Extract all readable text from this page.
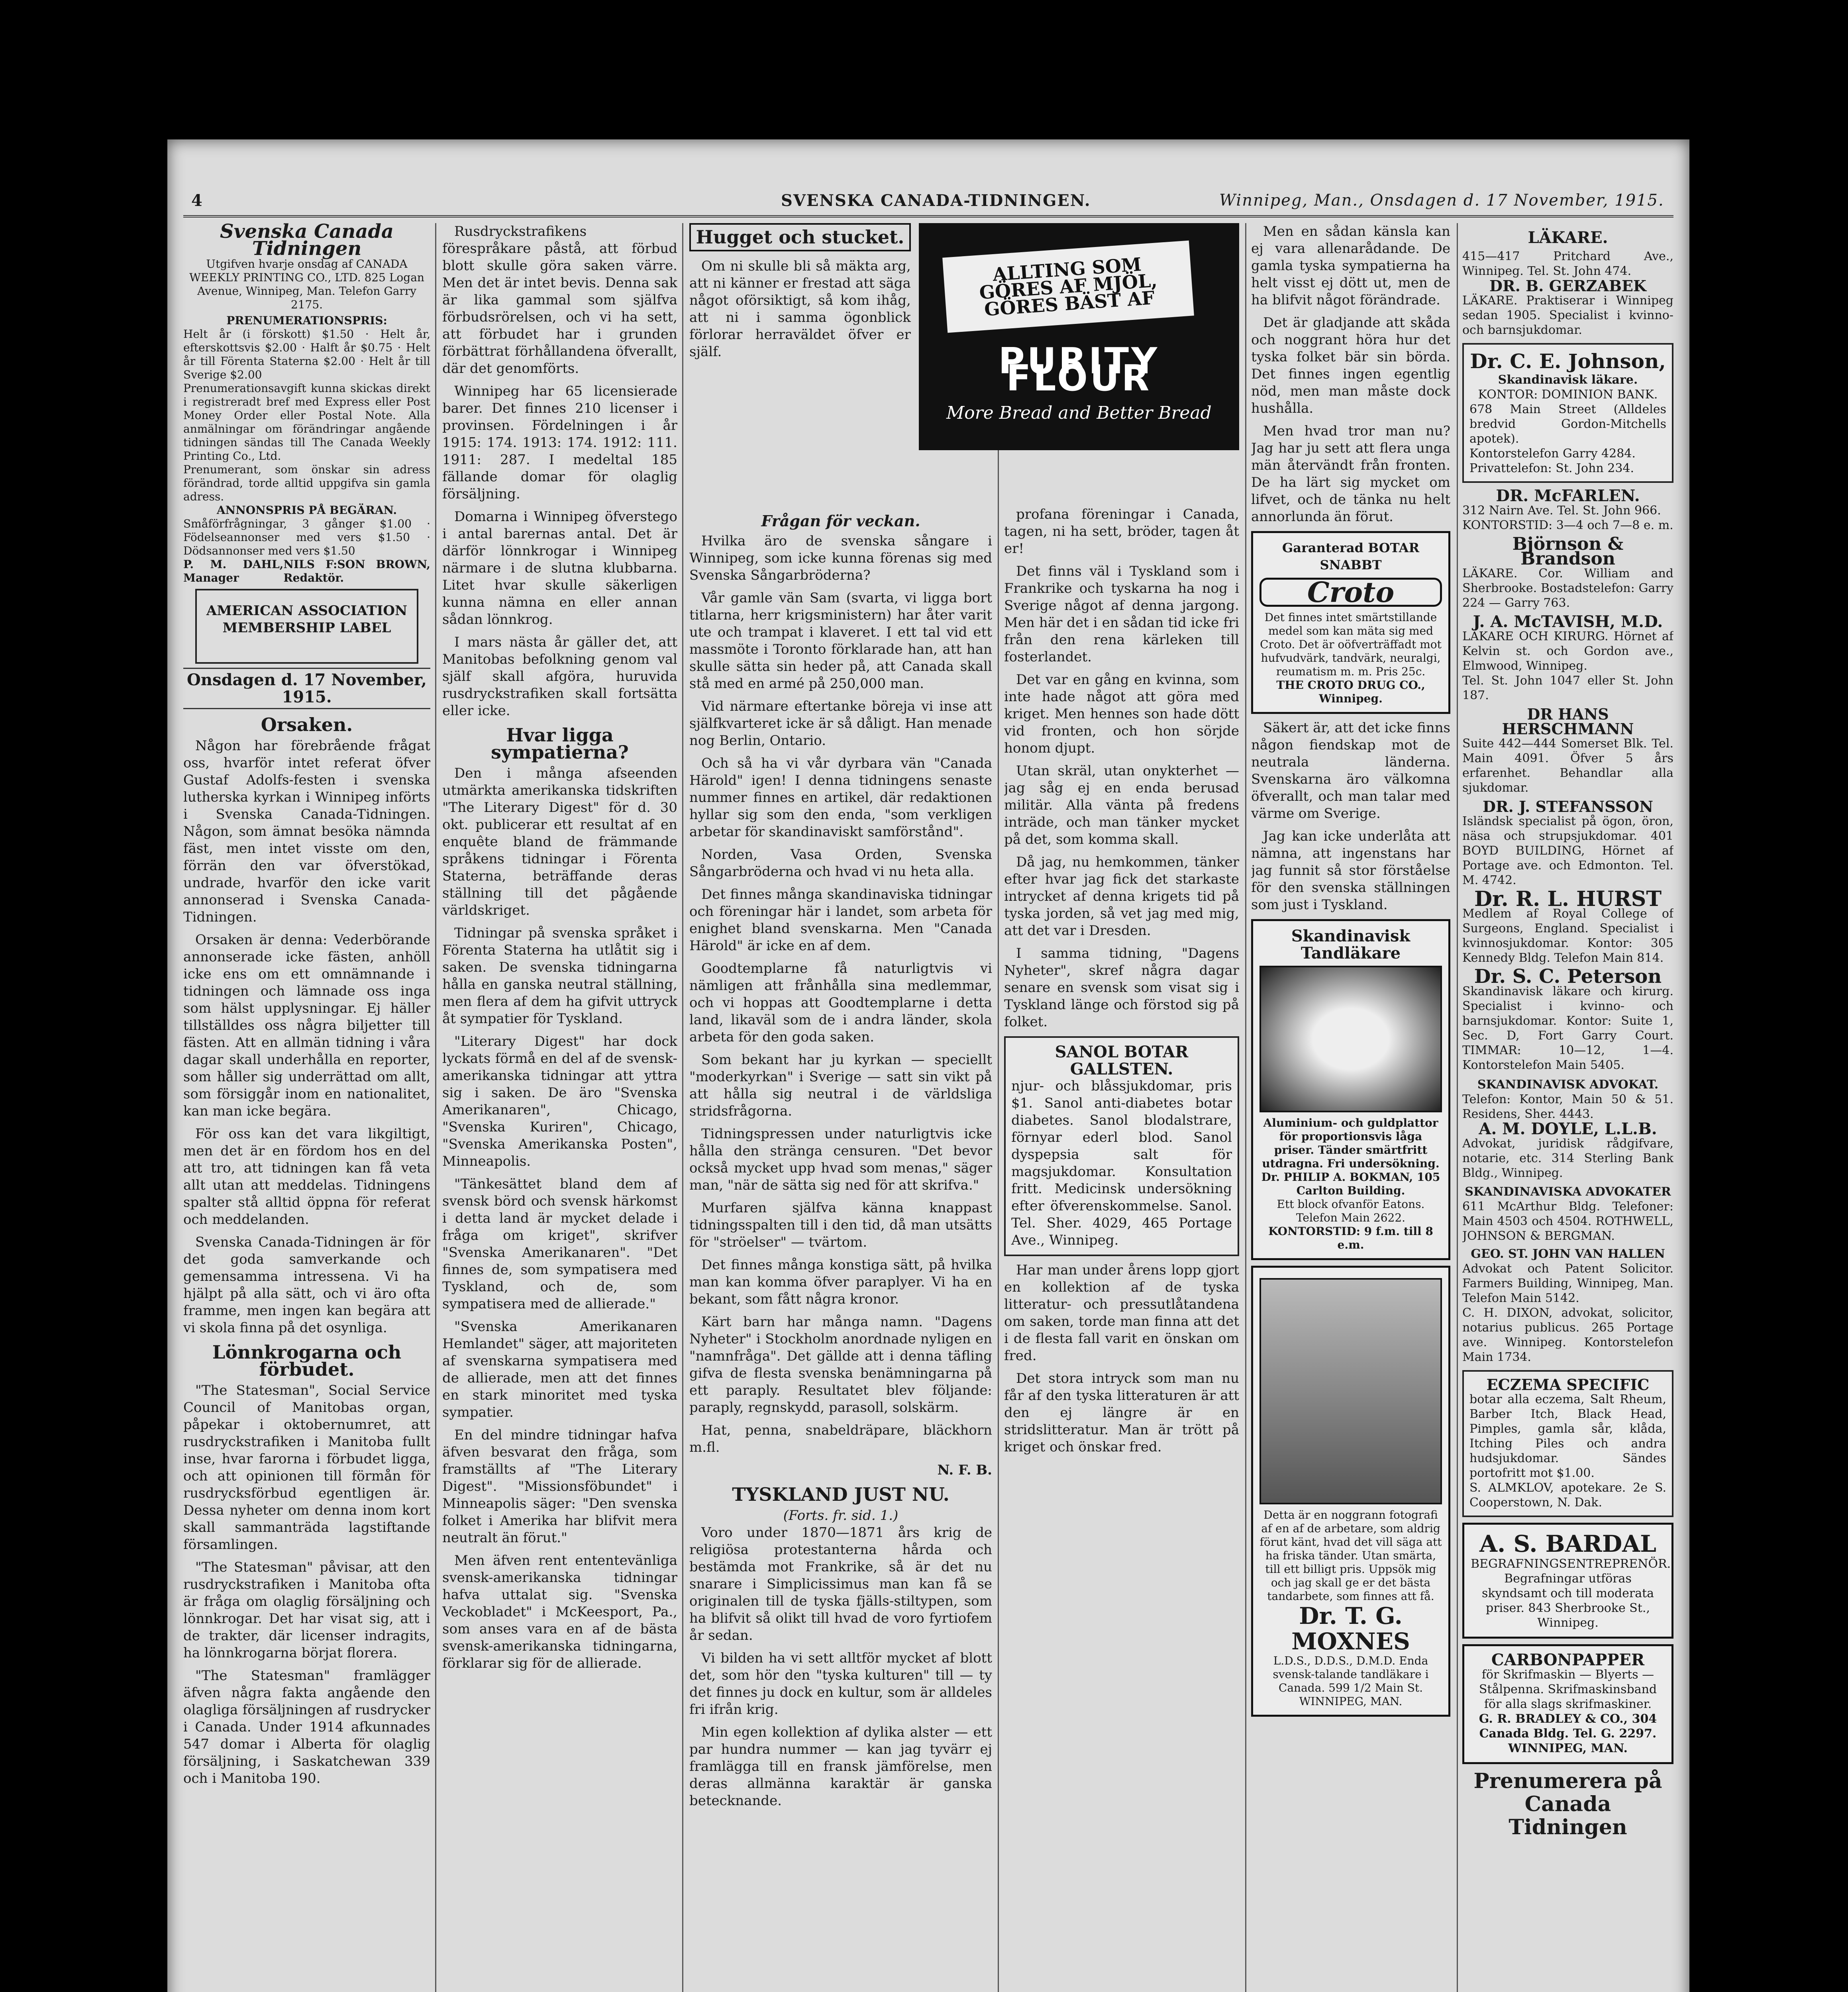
4	SVENSKA CANADA-TIDNINGEN.	Winnipeg, Man., Onsdagen d. 17 November, 1915.
Svenska Canada Tidningen
Utgifven hvarje onsdag af CANADA WEEKLY PRINTING CO., LTD. 825 Logan Avenue, Winnipeg, Man. Telefon Garry 2175.
PRENUMERATIONSPRIS:
Helt år (i förskott) $1.50 · Helt år, efterskottsvis $2.00 · Halft år $0.75 · Helt år till Förenta Staterna $2.00 · Helt år till Sverige $2.00
Prenumerationsavgift kunna skickas direkt i registreradt bref med Express eller Post Money Order eller Postal Note. Alla anmälningar om förändringar angående tidningen sändas till The Canada Weekly Printing Co., Ltd.
Prenumerant, som önskar sin adress förändrad, torde alltid uppgifva sin gamla adress.
ANNONSPRIS PÅ BEGÄRAN.
Småförfrågningar, 3 gånger $1.00 · Födelseannonser med vers $1.50 · Dödsannonser med vers $1.50
P. M. DAHL, Manager
NILS F:SON BROWN, Redaktör.
AMERICAN ASSOCIATION MEMBERSHIP LABEL
Onsdagen d. 17 November, 1915.
Orsaken.

Någon har förebrående frågat oss, hvarför intet referat öfver Gustaf Adolfs-festen i svenska lutherska kyrkan i Winnipeg införts i Svenska Canada-Tidningen. Någon, som ämnat besöka nämnda fäst, men intet visste om den, förrän den var öfverstökad, undrade, hvarför den icke varit annonserad i Svenska Canada-Tidningen.

Orsaken är denna: Vederbörande annonserade icke fästen, anhöll icke ens om ett omnämnande i tidningen och lämnade oss inga som hälst upplysningar. Ej häller tillställdes oss några biljetter till fästen. Att en allmän tidning i våra dagar skall underhålla en reporter, som håller sig underrättad om allt, som försiggår inom en nationalitet, kan man icke begära.

För oss kan det vara likgiltigt, men det är en fördom hos en del att tro, att tidningen kan få veta allt utan att meddelas. Tidningens spalter stå alltid öppna för referat och meddelanden.

Svenska Canada-Tidningen är för det goda samverkande och gemensamma intressena. Vi ha hjälpt på alla sätt, och vi äro ofta framme, men ingen kan begära att vi skola finna på det osynliga.

Lönnkrogarna och förbudet.

"The Statesman", Social Service Council of Manitobas organ, påpekar i oktobernumret, att rusdryckstrafiken i Manitoba fullt inse, hvar farorna i förbudet ligga, och att opinionen till förmån för rusdrycksförbud egentligen är. Dessa nyheter om denna inom kort skall sammanträda lagstiftande församlingen.

"The Statesman" påvisar, att den rusdryckstrafiken i Manitoba ofta är fråga om olaglig försäljning och lönnkrogar. Det har visat sig, att i de trakter, där licenser indragits, ha lönnkrogarna börjat florera.

"The Statesman" framlägger äfven några fakta angående den olagliga försäljningen af rusdrycker i Canada. Under 1914 afkunnades 547 domar i Alberta för olaglig försäljning, i Saskatchewan 339 och i Manitoba 190.

Rusdryckstrafikens förespråkare påstå, att förbud blott skulle göra saken värre. Men det är intet bevis. Denna sak är lika gammal som själfva förbudsrörelsen, och vi ha sett, att förbudet har i grunden förbättrat förhållandena öfverallt, där det genomförts.

Winnipeg har 65 licensierade barer. Det finnes 210 licenser i provinsen. Fördelningen i år 1915: 174. 1913: 174. 1912: 111. 1911: 287. I medeltal 185 fällande domar för olaglig försäljning.

Domarna i Winnipeg öfverstego i antal barernas antal. Det är därför lönnkrogar i Winnipeg närmare i de slutna klubbarna. Litet hvar skulle säkerligen kunna nämna en eller annan sådan lönnkrog.

I mars nästa år gäller det, att Manitobas befolkning genom val själf skall afgöra, huruvida rusdryckstrafiken skall fortsätta eller icke.

Hvar ligga sympatierna?

Den i många afseenden utmärkta amerikanska tidskriften "The Literary Digest" för d. 30 okt. publicerar ett resultat af en enquête bland de främmande språkens tidningar i Förenta Staterna, beträffande deras ställning till det pågående världskriget.

Tidningar på svenska språket i Förenta Staterna ha utlåtit sig i saken. De svenska tidningarna hålla en ganska neutral ställning, men flera af dem ha gifvit uttryck åt sympatier för Tyskland.

"Literary Digest" har dock lyckats förmå en del af de svensk-amerikanska tidningar att yttra sig i saken. De äro "Svenska Amerikanaren", Chicago, "Svenska Kuriren", Chicago, "Svenska Amerikanska Posten", Minneapolis.

"Tänkesättet bland dem af svensk börd och svensk härkomst i detta land är mycket delade i fråga om kriget", skrifver "Svenska Amerikanaren". "Det finnes de, som sympatisera med Tyskland, och de, som sympatisera med de allierade."

"Svenska Amerikanaren Hemlandet" säger, att majoriteten af svenskarna sympatisera med de allierade, men att det finnes en stark minoritet med tyska sympatier.

En del mindre tidningar hafva äfven besvarat den fråga, som framställts af "The Literary Digest". "Missionsföbundet" i Minneapolis säger: "Den svenska folket i Amerika har blifvit mera neutralt än förut."

Men äfven rent ententevänliga svensk-amerikanska tidningar hafva uttalat sig. "Svenska Veckobladet" i McKeesport, Pa., som anses vara en af de bästa svensk-amerikanska tidningarna, förklarar sig för de allierade.

Hugget och stucket.

Om ni skulle bli så mäkta arg, att ni känner er frestad att säga något oförsiktigt, så kom ihåg, att ni i samma ögonblick förlorar herraväldet öfver er själf.

ALLTING SOM GÖRES AF MJÖL, GÖRES BÄST AF
PURITY FLOUR
More Bread and Better Bread
Frågan för veckan.

Hvilka äro de svenska sångare i Winnipeg, som icke kunna förenas sig med Svenska Sångarbröderna?

Vår gamle vän Sam (svarta, vi ligga bort titlarna, herr krigsministern) har åter varit ute och trampat i klaveret. I ett tal vid ett massmöte i Toronto förklarade han, att han skulle sätta sin heder på, att Canada skall stå med en armé på 250,000 man.

Vid närmare eftertanke böreja vi inse att själfkvarteret icke är så dåligt. Han menade nog Berlin, Ontario.

Och så ha vi vår dyrbara vän "Canada Härold" igen! I denna tidningens senaste nummer finnes en artikel, där redaktionen hyllar sig som den enda, "som verkligen arbetar för skandinaviskt samförstånd".

Norden, Vasa Orden, Svenska Sångarbröderna och hvad vi nu heta alla.

Det finnes många skandinaviska tidningar och föreningar här i landet, som arbeta för enighet bland svenskarna. Men "Canada Härold" är icke en af dem.

Goodtemplarne få naturligtvis vi nämligen att frånhålla sina medlemmar, och vi hoppas att Goodtemplarne i detta land, likaväl som de i andra länder, skola arbeta för den goda saken.

Som bekant har ju kyrkan — speciellt "moderkyrkan" i Sverige — satt sin vikt på att hålla sig neutral i de världsliga stridsfrågorna.

Tidningspressen under naturligtvis icke hålla den stränga censuren. "Det bevor också mycket upp hvad som menas," säger man, "när de sätta sig ned för att skrifva."

Murfaren själfva känna knappast tidningsspalten till i den tid, då man utsätts för "ströelser" — tvärtom.

Det finnes många konstiga sätt, på hvilka man kan komma öfver paraplyer. Vi ha en bekant, som fått några kronor.

Kärt barn har många namn. "Dagens Nyheter" i Stockholm anordnade nyligen en "namnfråga". Det gällde att i denna täfling gifva de flesta svenska benämningarna på ett paraply. Resultatet blev följande: paraply, regnskydd, parasoll, solskärm.

Hat, penna, snabeldräpare, bläckhorn m.fl.

N. F. B.
TYSKLAND JUST NU.
(Forts. fr. sid. 1.)

Voro under 1870—1871 års krig de religiösa protestanterna hårda och bestämda mot Frankrike, så är det nu snarare i Simplicissimus man kan få se originalen till de tyska fjälls-stiltypen, som ha blifvit så olikt till hvad de voro fyrtiofem år sedan.

Vi bilden ha vi sett alltför mycket af blott det, som hör den "tyska kulturen" till — ty det finnes ju dock en kultur, som är alldeles fri ifrån krig.

Min egen kollektion af dylika alster — ett par hundra nummer — kan jag tyvärr ej framlägga till en fransk jämförelse, men deras allmänna karaktär är ganska betecknande.

profana föreningar i Canada, tagen, ni ha sett, bröder, tagen åt er!

Det finns väl i Tyskland som i Frankrike och tyskarna ha nog i Sverige något af denna jargong. Men här det i en sådan tid icke fri från den rena kärleken till fosterlandet.

Det var en gång en kvinna, som inte hade något att göra med kriget. Men hennes son hade dött vid fronten, och hon sörjde honom djupt.

Utan skräl, utan onykterhet — jag såg ej en enda berusad militär. Alla vänta på fredens inträde, och man tänker mycket på det, som komma skall.

Då jag, nu hemkommen, tänker efter hvar jag fick det starkaste intrycket af denna krigets tid på tyska jorden, så vet jag med mig, att det var i Dresden.

I samma tidning, "Dagens Nyheter", skref några dagar senare en svensk som visat sig i Tyskland länge och förstod sig på folket.

SANOL BOTAR GALLSTEN.
njur- och blåssjukdomar, pris $1. Sanol anti-diabetes botar diabetes. Sanol blodalstrare, förnyar ederl blod. Sanol dyspepsia salt för magsjukdomar. Konsultation fritt. Medicinsk undersökning efter öfverenskommelse. Sanol. Tel. Sher. 4029, 465 Portage Ave., Winnipeg.

Har man under årens lopp gjort en kollektion af de tyska litteratur- och pressutlåtandena om saken, torde man finna att det i de flesta fall varit en önskan om fred.

Det stora intryck som man nu får af den tyska litteraturen är att den ej längre är en stridslitteratur. Man är trött på kriget och önskar fred.

Men en sådan känsla kan ej vara allenarådande. De gamla tyska sympatierna ha helt visst ej dött ut, men de ha blifvit något förändrade.

Det är gladjande att skåda och noggrant höra hur det tyska folket bär sin börda. Det finnes ingen egentlig nöd, men man måste dock hushålla.

Men hvad tror man nu? Jag har ju sett att flera unga män återvändt från fronten. De ha lärt sig mycket om lifvet, och de tänka nu helt annorlunda än förut.

Garanterad BOTAR SNABBT
Croto
Det finnes intet smärtstillande medel som kan mäta sig med Croto. Det är oöfverträffadt mot hufvudvärk, tandvärk, neuralgi, reumatism m. m. Pris 25c.
THE CROTO DRUG CO., Winnipeg.

Säkert är, att det icke finns någon fiendskap mot de neutrala länderna. Svenskarna äro välkomna öfverallt, och man talar med värme om Sverige.

Jag kan icke underlåta att nämna, att ingenstans har jag funnit så stor förståelse för den svenska ställningen som just i Tyskland.

Skandinavisk Tandläkare
Aluminium- och guldplattor för proportionsvis låga priser. Tänder smärtfritt utdragna. Fri undersökning.
Dr. PHILIP A. BOKMAN, 105 Carlton Building.
Ett block ofvanför Eatons. Telefon Main 2622.
KONTORSTID: 9 f.m. till 8 e.m.
Detta är en noggrann fotografi af en af de arbetare, som aldrig förut känt, hvad det vill säga att ha friska tänder. Utan smärta, till ett billigt pris. Uppsök mig och jag skall ge er det bästa tandarbete, som finnes att få.
Dr. T. G. MOXNES
L.D.S., D.D.S., D.M.D. Enda svensk-talande tandläkare i Canada. 599 1/2 Main St. WINNIPEG, MAN.
LÄKARE.
415—417 Pritchard Ave., Winnipeg. Tel. St. John 474.
DR. B. GERZABEK
LÄKARE. Praktiserar i Winnipeg sedan 1905. Specialist i kvinno- och barnsjukdomar.
Dr. C. E. Johnson,
Skandinavisk läkare.
KONTOR: DOMINION BANK.
678 Main Street (Alldeles bredvid Gordon-Mitchells apotek).
Kontorstelefon Garry 4284.
Privattelefon: St. John 234.
DR. McFARLEN.
312 Nairn Ave. Tel. St. John 966.
KONTORSTID: 3—4 och 7—8 e. m.
Björnson & Brandson
LÄKARE. Cor. William and Sherbrooke. Bostadstelefon: Garry 224 — Garry 763.
J. A. McTAVISH, M.D.
LÄKARE OCH KIRURG. Hörnet af Kelvin st. och Gordon ave., Elmwood, Winnipeg.
Tel. St. John 1047 eller St. John 187.
DR HANS HERSCHMANN
Suite 442—444 Somerset Blk. Tel. Main 4091. Öfver 5 års erfarenhet. Behandlar alla sjukdomar.
DR. J. STEFANSSON
Isländsk specialist på ögon, öron, näsa och strupsjukdomar. 401 BOYD BUILDING, Hörnet af Portage ave. och Edmonton. Tel. M. 4742.
Dr. R. L. HURST
Medlem af Royal College of Surgeons, England. Specialist i kvinnosjukdomar. Kontor: 305 Kennedy Bldg. Telefon Main 814.
Dr. S. C. Peterson
Skandinavisk läkare och kirurg. Specialist i kvinno- och barnsjukdomar. Kontor: Suite 1, Sec. D, Fort Garry Court. TIMMAR: 10—12, 1—4. Kontorstelefon Main 5405.
SKANDINAVISK ADVOKAT.
Telefon: Kontor, Main 50 & 51. Residens, Sher. 4443.
A. M. DOYLE, L.L.B.
Advokat, juridisk rådgifvare, notarie, etc. 314 Sterling Bank Bldg., Winnipeg.
SKANDINAVISKA ADVOKATER
611 McArthur Bldg. Telefoner: Main 4503 och 4504. ROTHWELL, JOHNSON & BERGMAN.
GEO. ST. JOHN VAN HALLEN
Advokat och Patent Solicitor. Farmers Building, Winnipeg, Man. Telefon Main 5142.
C. H. DIXON, advokat, solicitor, notarius publicus. 265 Portage ave. Winnipeg. Kontorstelefon Main 1734.
ECZEMA SPECIFIC
botar alla eczema, Salt Rheum, Barber Itch, Black Head, Pimples, gamla sår, klåda, Itching Piles och andra hudsjukdomar. Sändes portofritt mot $1.00.
S. ALMKLOV, apotekare. 2e S. Cooperstown, N. Dak.
A. S. BARDAL
BEGRAFNINGSENTREPRENÖR. Begrafningar utföras skyndsamt och till moderata priser. 843 Sherbrooke St., Winnipeg.
CARBONPAPPER
för Skrifmaskin — Blyerts — Stålpenna. Skrifmaskinsband för alla slags skrifmaskiner.
G. R. BRADLEY & CO., 304 Canada Bldg. Tel. G. 2297. WINNIPEG, MAN.
Prenumerera på Canada Tidningen
